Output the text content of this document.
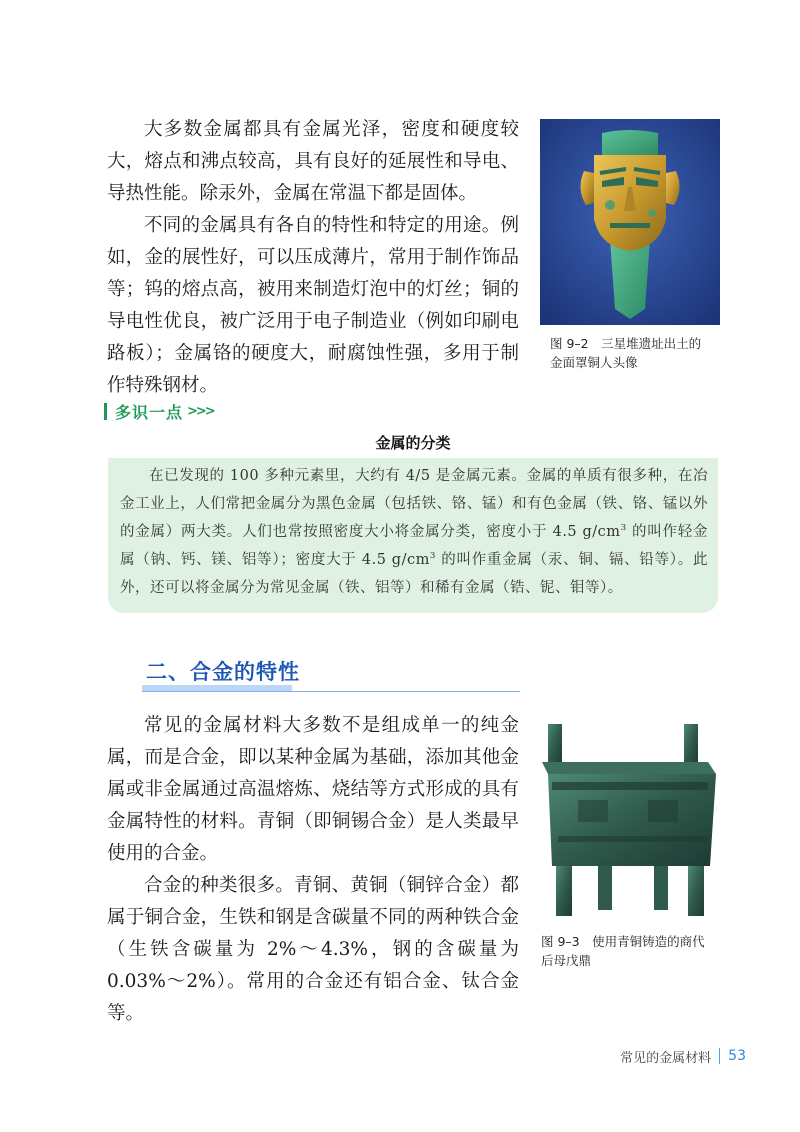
大多数金属都具有金属光泽，密度和硬度较大，熔点和沸点较高，具有良好的延展性和导电、导热性能。除汞外，金属在常温下都是固体。

不同的金属具有各自的特性和特定的用途。例如，金的展性好，可以压成薄片，常用于制作饰品等；钨的熔点高，被用来制造灯泡中的灯丝；铜的导电性优良，被广泛用于电子制造业（例如印刷电路板）；金属铬的硬度大，耐腐蚀性强，多用于制作特殊钢材。

图 9–2　三星堆遗址出土的
金面罩铜人头像
多识一点 >>>
金属的分类

在已发现的 100 多种元素里，大约有 4/5 是金属元素。金属的单质有很多种，在冶金工业上，人们常把金属分为黑色金属（包括铁、铬、锰）和有色金属（铁、铬、锰以外的金属）两大类。人们也常按照密度大小将金属分类，密度小于 4.5 $g/cm^3$ 的叫作轻金属（钠、钙、镁、铝等）；密度大于 4.5 $g/cm^3$ 的叫作重金属（汞、铜、镉、铅等）。此外，还可以将金属分为常见金属（铁、铝等）和稀有金属（锆、铌、钼等）。

二、合金的特性

常见的金属材料大多数不是组成单一的纯金属，而是合金，即以某种金属为基础，添加其他金属或非金属通过高温熔炼、烧结等方式形成的具有金属特性的材料。青铜（即铜锡合金）是人类最早使用的合金。

合金的种类很多。青铜、黄铜（铜锌合金）都属于铜合金，生铁和钢是含碳量不同的两种铁合金（生铁含碳量为 2%～4.3%，钢的含碳量为 0.03%～2%）。常用的合金还有铝合金、钛合金等。

图 9–3　使用青铜铸造的商代
后母戊鼎
常见的金属材料 53
